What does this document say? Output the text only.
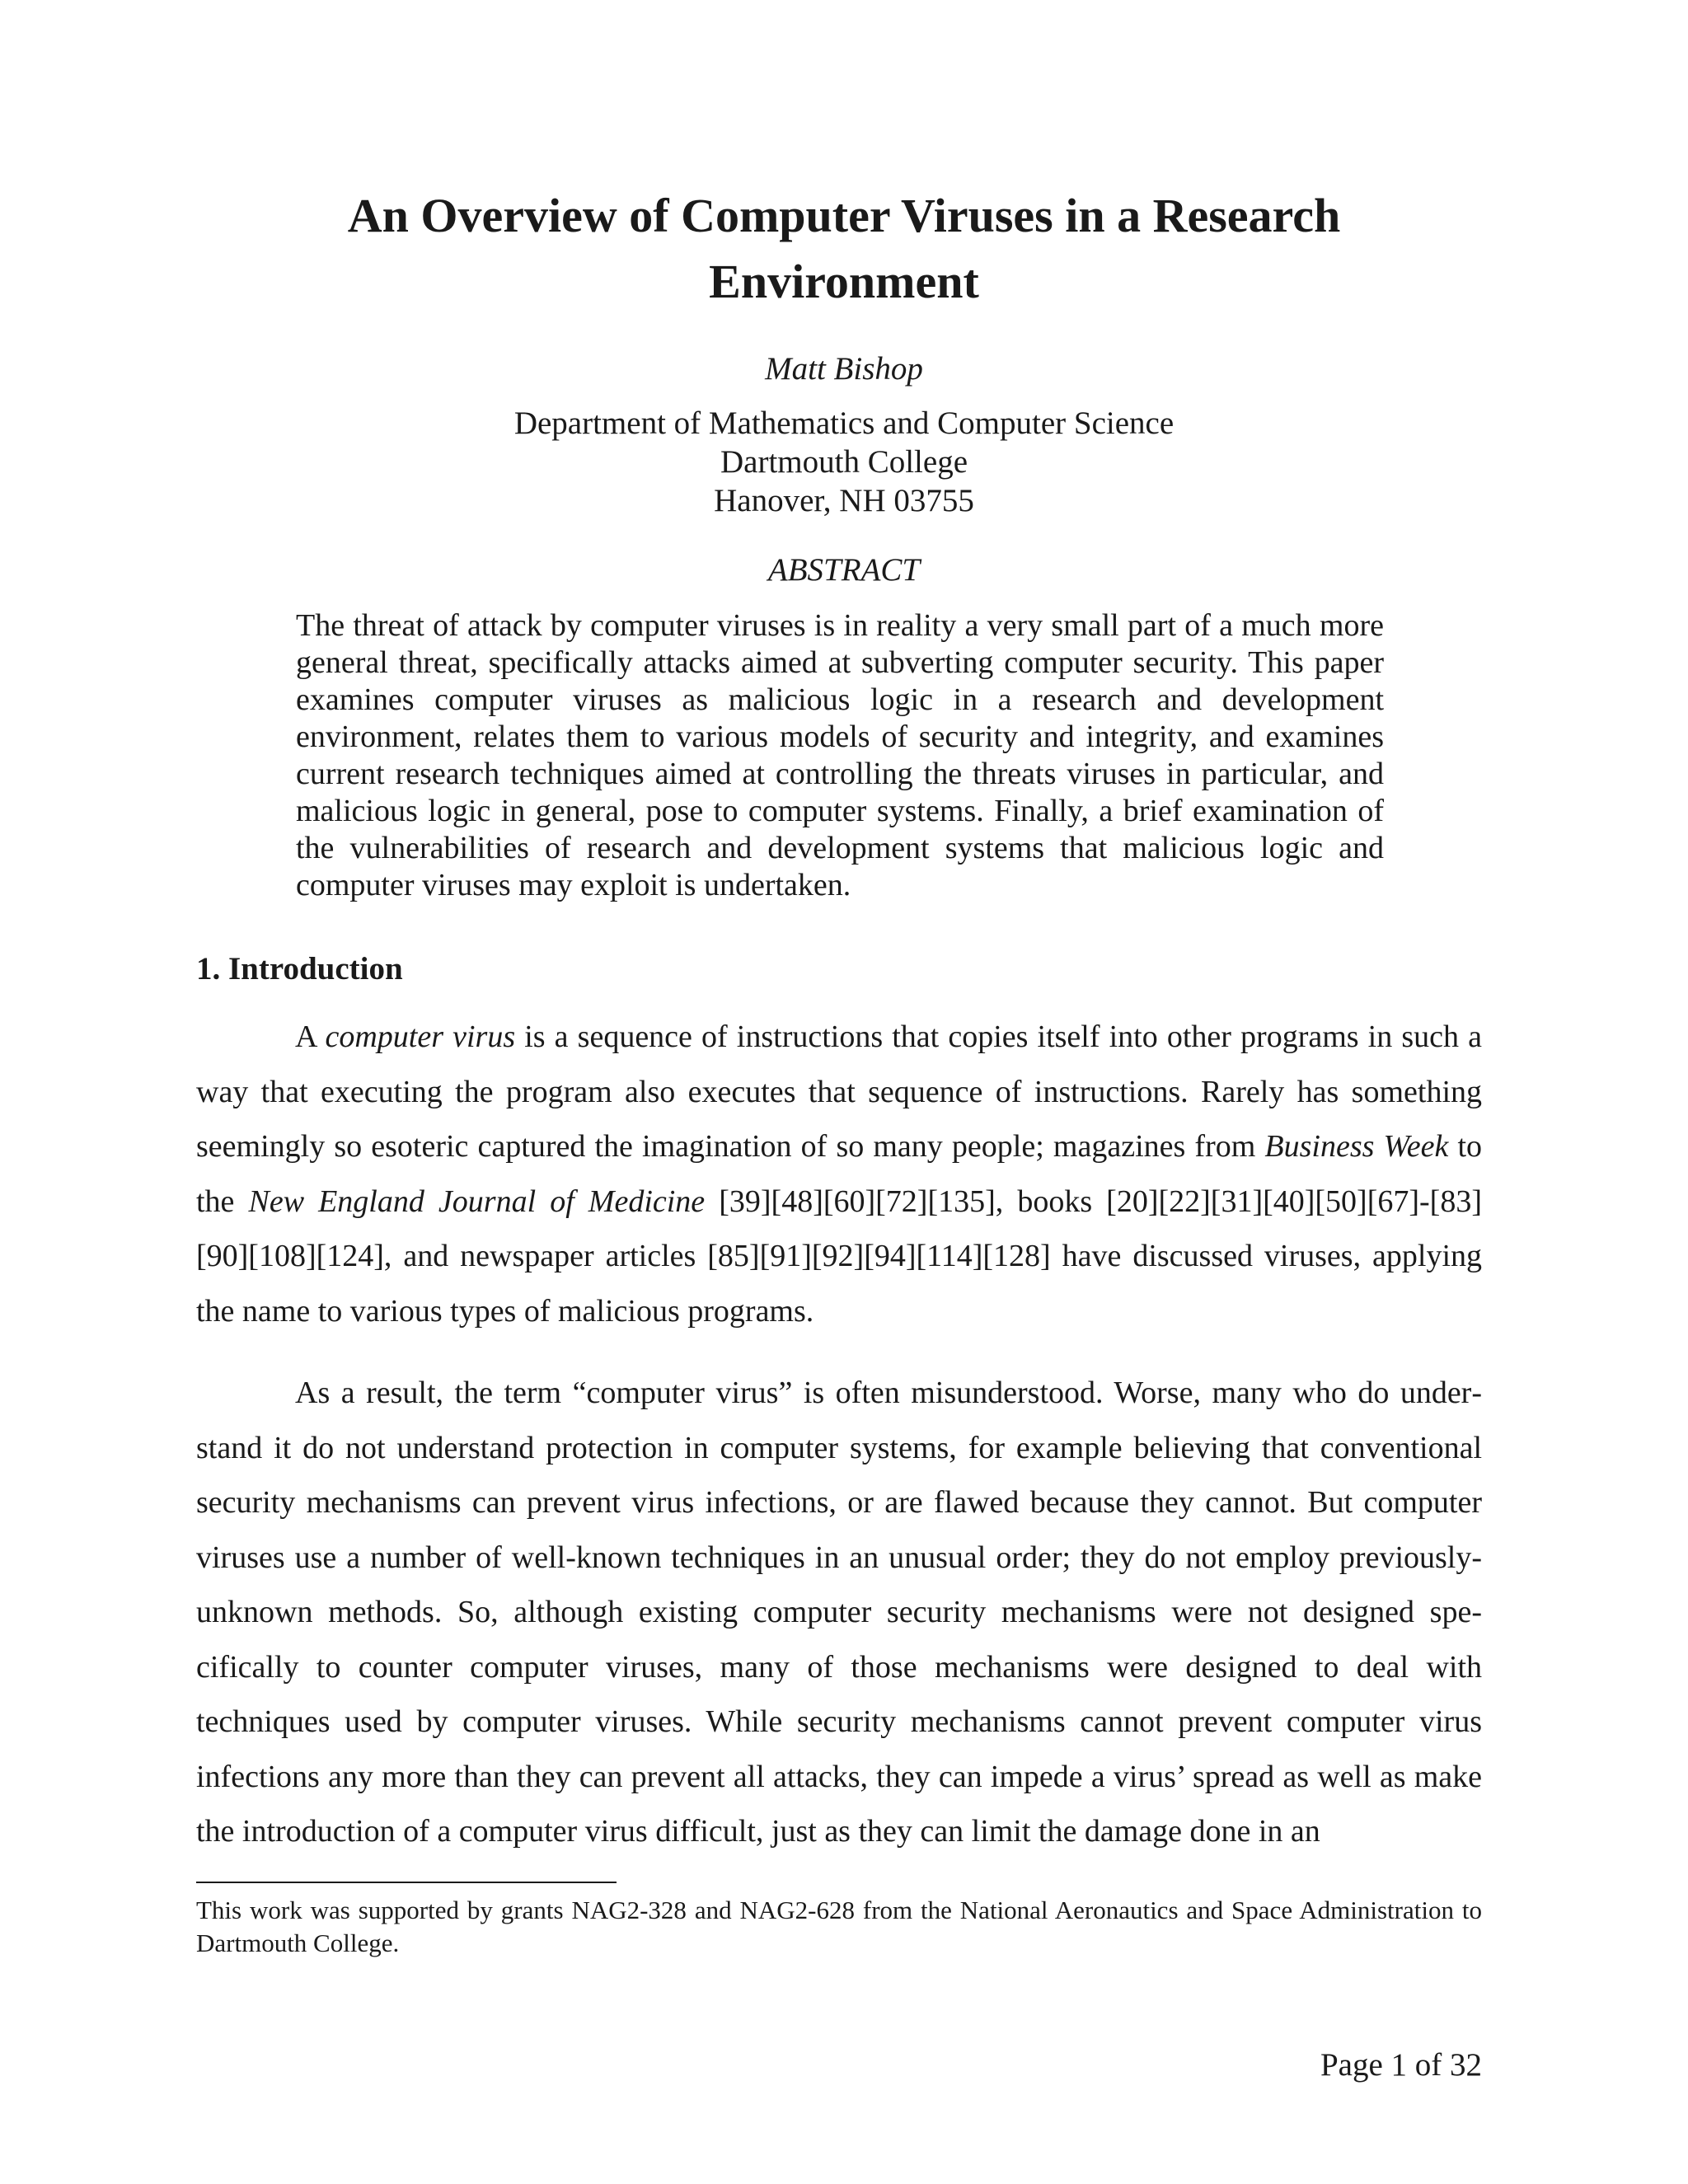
An Overview of Computer Viruses in a Research
Environment
Matt Bishop
Department of Mathematics and Computer Science
Dartmouth College
Hanover, NH 03755
ABSTRACT
The threat of attack by computer viruses is in reality a very small part of a much more general threat, specifically attacks aimed at subverting computer security. This paper examines computer viruses as malicious logic in a research and development environment, relates them to various models of security and integrity, and examines current research techniques aimed at controlling the threats viruses in particular, and malicious logic in general, pose to computer systems. Finally, a brief examination of the vulnerabilities of research and development systems that malicious logic and computer viruses may exploit is undertaken.
1. Introduction

A computer virus is a sequence of instructions that copies itself into other programs in such a way that executing the program also executes that sequence of instructions. Rarely has something seemingly so esoteric captured the imagination of so many people; magazines from Business Week to the New England Journal of Medicine [39][48][60][72][135], books [20][22][31][40][50][67]-[83][90][108][124], and newspaper articles [85][91][92][94][114][128] have discussed viruses, applying the name to various types of malicious programs.

As a result, the term “computer virus” is often misunderstood. Worse, many who do understand it do not understand protection in computer systems, for example believing that conventional security mechanisms can prevent virus infections, or are flawed because they cannot. But computer viruses use a number of well-known techniques in an unusual order; they do not employ previously-unknown methods. So, although existing computer security mechanisms were not designed specifically to counter computer viruses, many of those mechanisms were designed to deal with techniques used by computer viruses. While security mechanisms cannot prevent computer virus infections any more than they can prevent all attacks, they can impede a virus’ spread as well as make the introduction of a computer virus difficult, just as they can limit the damage done in an

This work was supported by grants NAG2-328 and NAG2-628 from the National Aeronautics and Space Administration to Dartmouth College.
Page 1 of 32
